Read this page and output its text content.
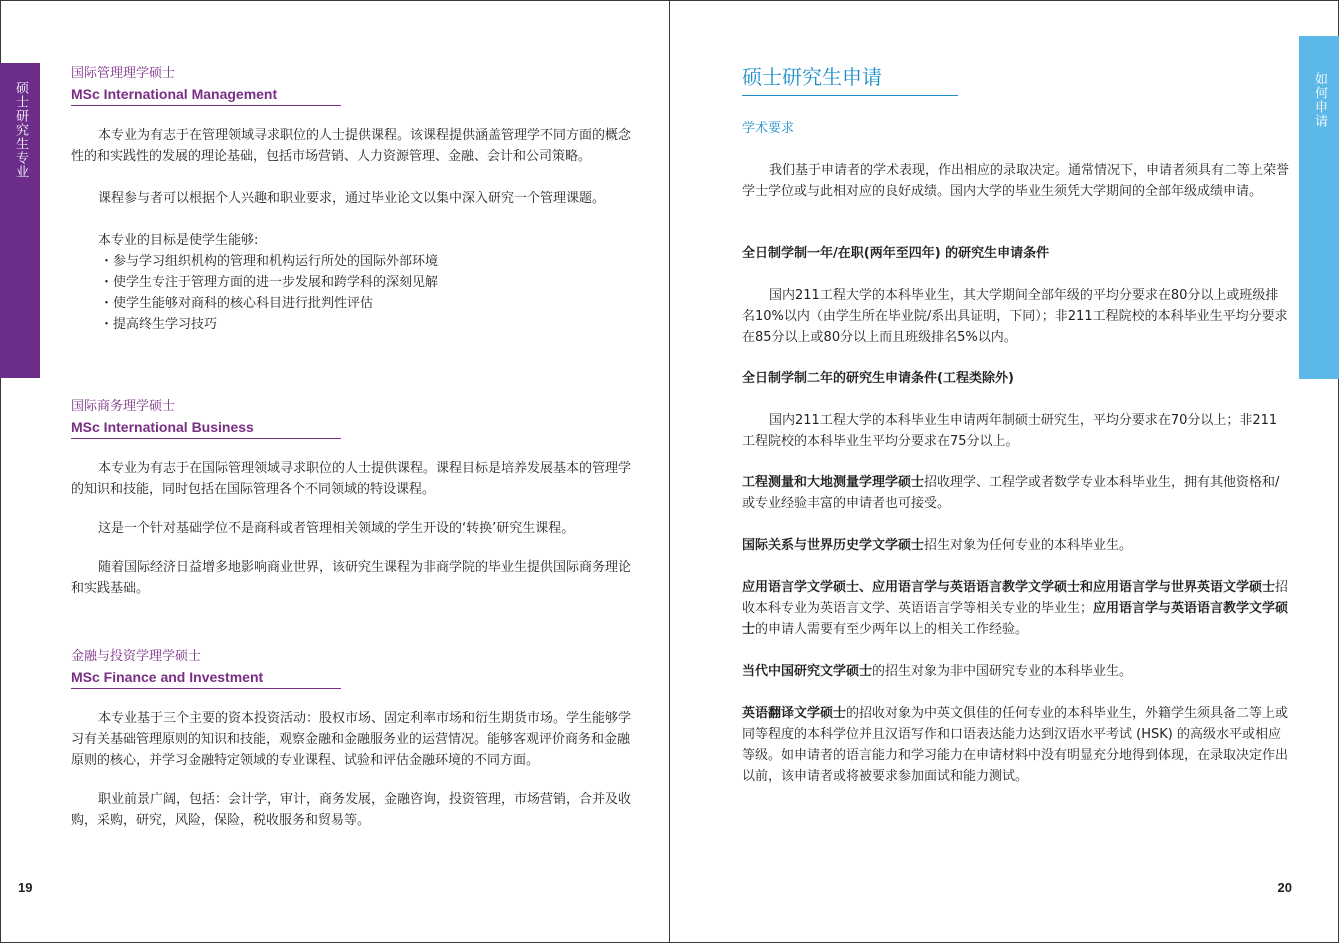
硕士研究生专业
国际管理理学硕士
MSc International Management

本专业为有志于在管理领域寻求职位的人士提供课程。该课程提供涵盖管理学不同方面的概念性的和实践性的发展的理论基础，包括市场营销、人力资源管理、金融、会计和公司策略。

课程参与者可以根据个人兴趣和职业要求，通过毕业论文以集中深入研究一个管理课题。

本专业的目标是使学生能够:

・参与学习组织机构的管理和机构运行所处的国际外部环境

・使学生专注于管理方面的进一步发展和跨学科的深刻见解

・使学生能够对商科的核心科目进行批判性评估

・提高终生学习技巧

国际商务理学硕士
MSc International Business

本专业为有志于在国际管理领域寻求职位的人士提供课程。课程目标是培养发展基本的管理学的知识和技能，同时包括在国际管理各个不同领域的特设课程。

这是一个针对基础学位不是商科或者管理相关领域的学生开设的‘转换’研究生课程。

随着国际经济日益增多地影响商业世界，该研究生课程为非商学院的毕业生提供国际商务理论和实践基础。

金融与投资学理学硕士
MSc Finance and Investment

本专业基于三个主要的资本投资活动：股权市场、固定利率市场和衍生期货市场。学生能够学习有关基础管理原则的知识和技能，观察金融和金融服务业的运营情况。能够客观评价商务和金融原则的核心，并学习金融特定领域的专业课程、试验和评估金融环境的不同方面。

职业前景广阔，包括：会计学，审计，商务发展，金融咨询，投资管理，市场营销，合并及收购，采购，研究，风险，保险，税收服务和贸易等。

19
如何申请
硕士研究生申请
学术要求

我们基于申请者的学术表现，作出相应的录取决定。通常情况下，申请者须具有二等上荣誉学士学位或与此相对应的良好成绩。国内大学的毕业生须凭大学期间的全部年级成绩申请。

全日制学制一年/在职(两年至四年) 的研究生申请条件

国内211工程大学的本科毕业生，其大学期间全部年级的平均分要求在80分以上或班级排名10%以内（由学生所在毕业院/系出具证明，下同）；非211工程院校的本科毕业生平均分要求在85分以上或80分以上而且班级排名5%以内。

全日制学制二年的研究生申请条件(工程类除外)

国内211工程大学的本科毕业生申请两年制硕士研究生，平均分要求在70分以上；非211工程院校的本科毕业生平均分要求在75分以上。

工程测量和大地测量学理学硕士招收理学、工程学或者数学专业本科毕业生，拥有其他资格和/或专业经验丰富的申请者也可接受。

国际关系与世界历史学文学硕士招生对象为任何专业的本科毕业生。

应用语言学文学硕士、应用语言学与英语语言教学文学硕士和应用语言学与世界英语文学硕士招收本科专业为英语言文学、英语语言学等相关专业的毕业生；应用语言学与英语语言教学文学硕士的申请人需要有至少两年以上的相关工作经验。

当代中国研究文学硕士的招生对象为非中国研究专业的本科毕业生。

英语翻译文学硕士的招收对象为中英文俱佳的任何专业的本科毕业生，外籍学生须具备二等上或同等程度的本科学位并且汉语写作和口语表达能力达到汉语水平考试 (HSK) 的高级水平或相应等级。如申请者的语言能力和学习能力在申请材料中没有明显充分地得到体现，在录取决定作出以前，该申请者或将被要求参加面试和能力测试。

20
